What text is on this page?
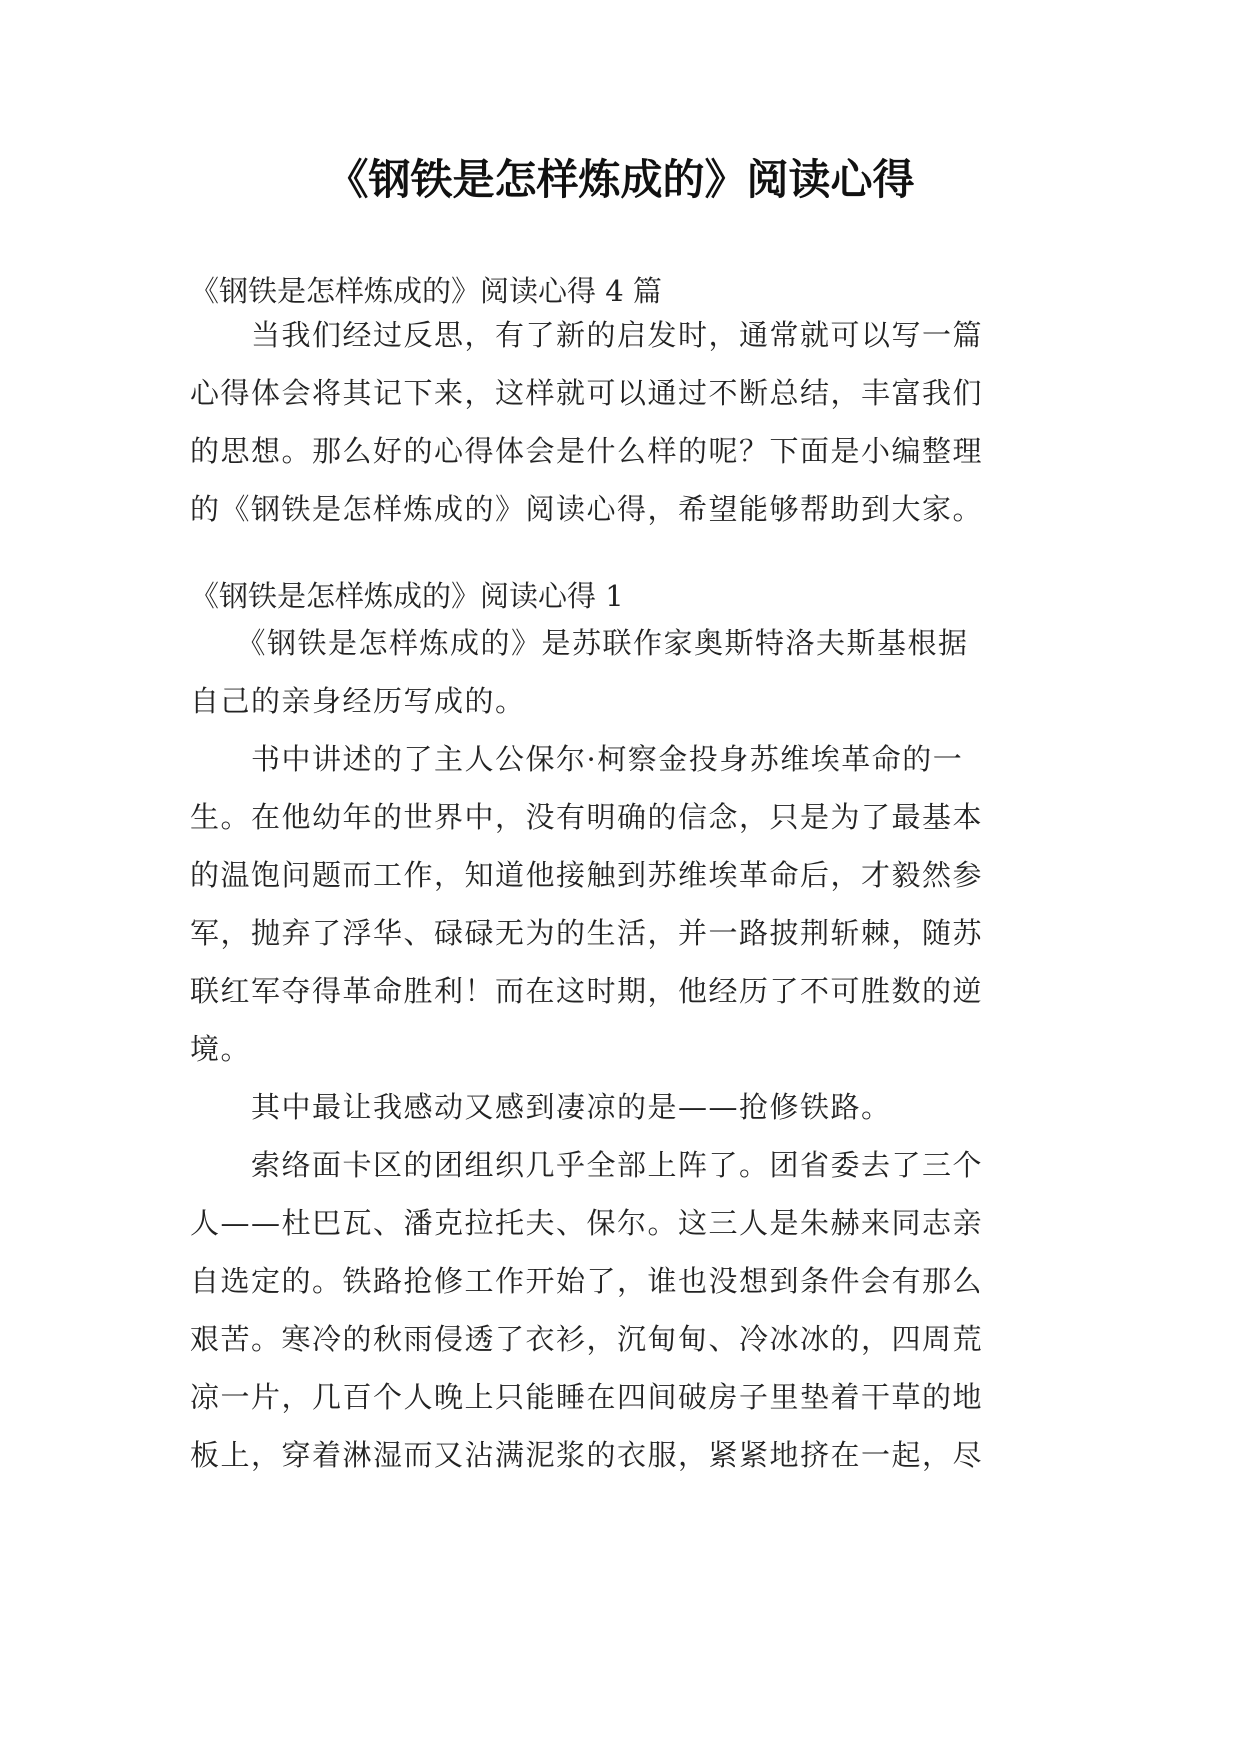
《钢铁是怎样炼成的》阅读心得

《钢铁是怎样炼成的》阅读心得 4 篇

　　当我们经过反思，有了新的启发时，通常就可以写一篇
心得体会将其记下来，这样就可以通过不断总结，丰富我们
的思想。那么好的心得体会是什么样的呢？下面是小编整理
的《钢铁是怎样炼成的》阅读心得，希望能够帮助到大家。

《钢铁是怎样炼成的》阅读心得 1

　　《钢铁是怎样炼成的》是苏联作家奥斯特洛夫斯基根据
自己的亲身经历写成的。
　　书中讲述的了主人公保尔·柯察金投身苏维埃革命的一
生。在他幼年的世界中，没有明确的信念，只是为了最基本
的温饱问题而工作，知道他接触到苏维埃革命后，才毅然参
军，抛弃了浮华、碌碌无为的生活，并一路披荆斩棘，随苏
联红军夺得革命胜利！而在这时期，他经历了不可胜数的逆
境。
　　其中最让我感动又感到凄凉的是——抢修铁路。
　　索络面卡区的团组织几乎全部上阵了。团省委去了三个
人——杜巴瓦、潘克拉托夫、保尔。这三人是朱赫来同志亲
自选定的。铁路抢修工作开始了，谁也没想到条件会有那么
艰苦。寒冷的秋雨侵透了衣衫，沉甸甸、冷冰冰的，四周荒
凉一片，几百个人晚上只能睡在四间破房子里垫着干草的地
板上，穿着淋湿而又沾满泥浆的衣服，紧紧地挤在一起，尽
